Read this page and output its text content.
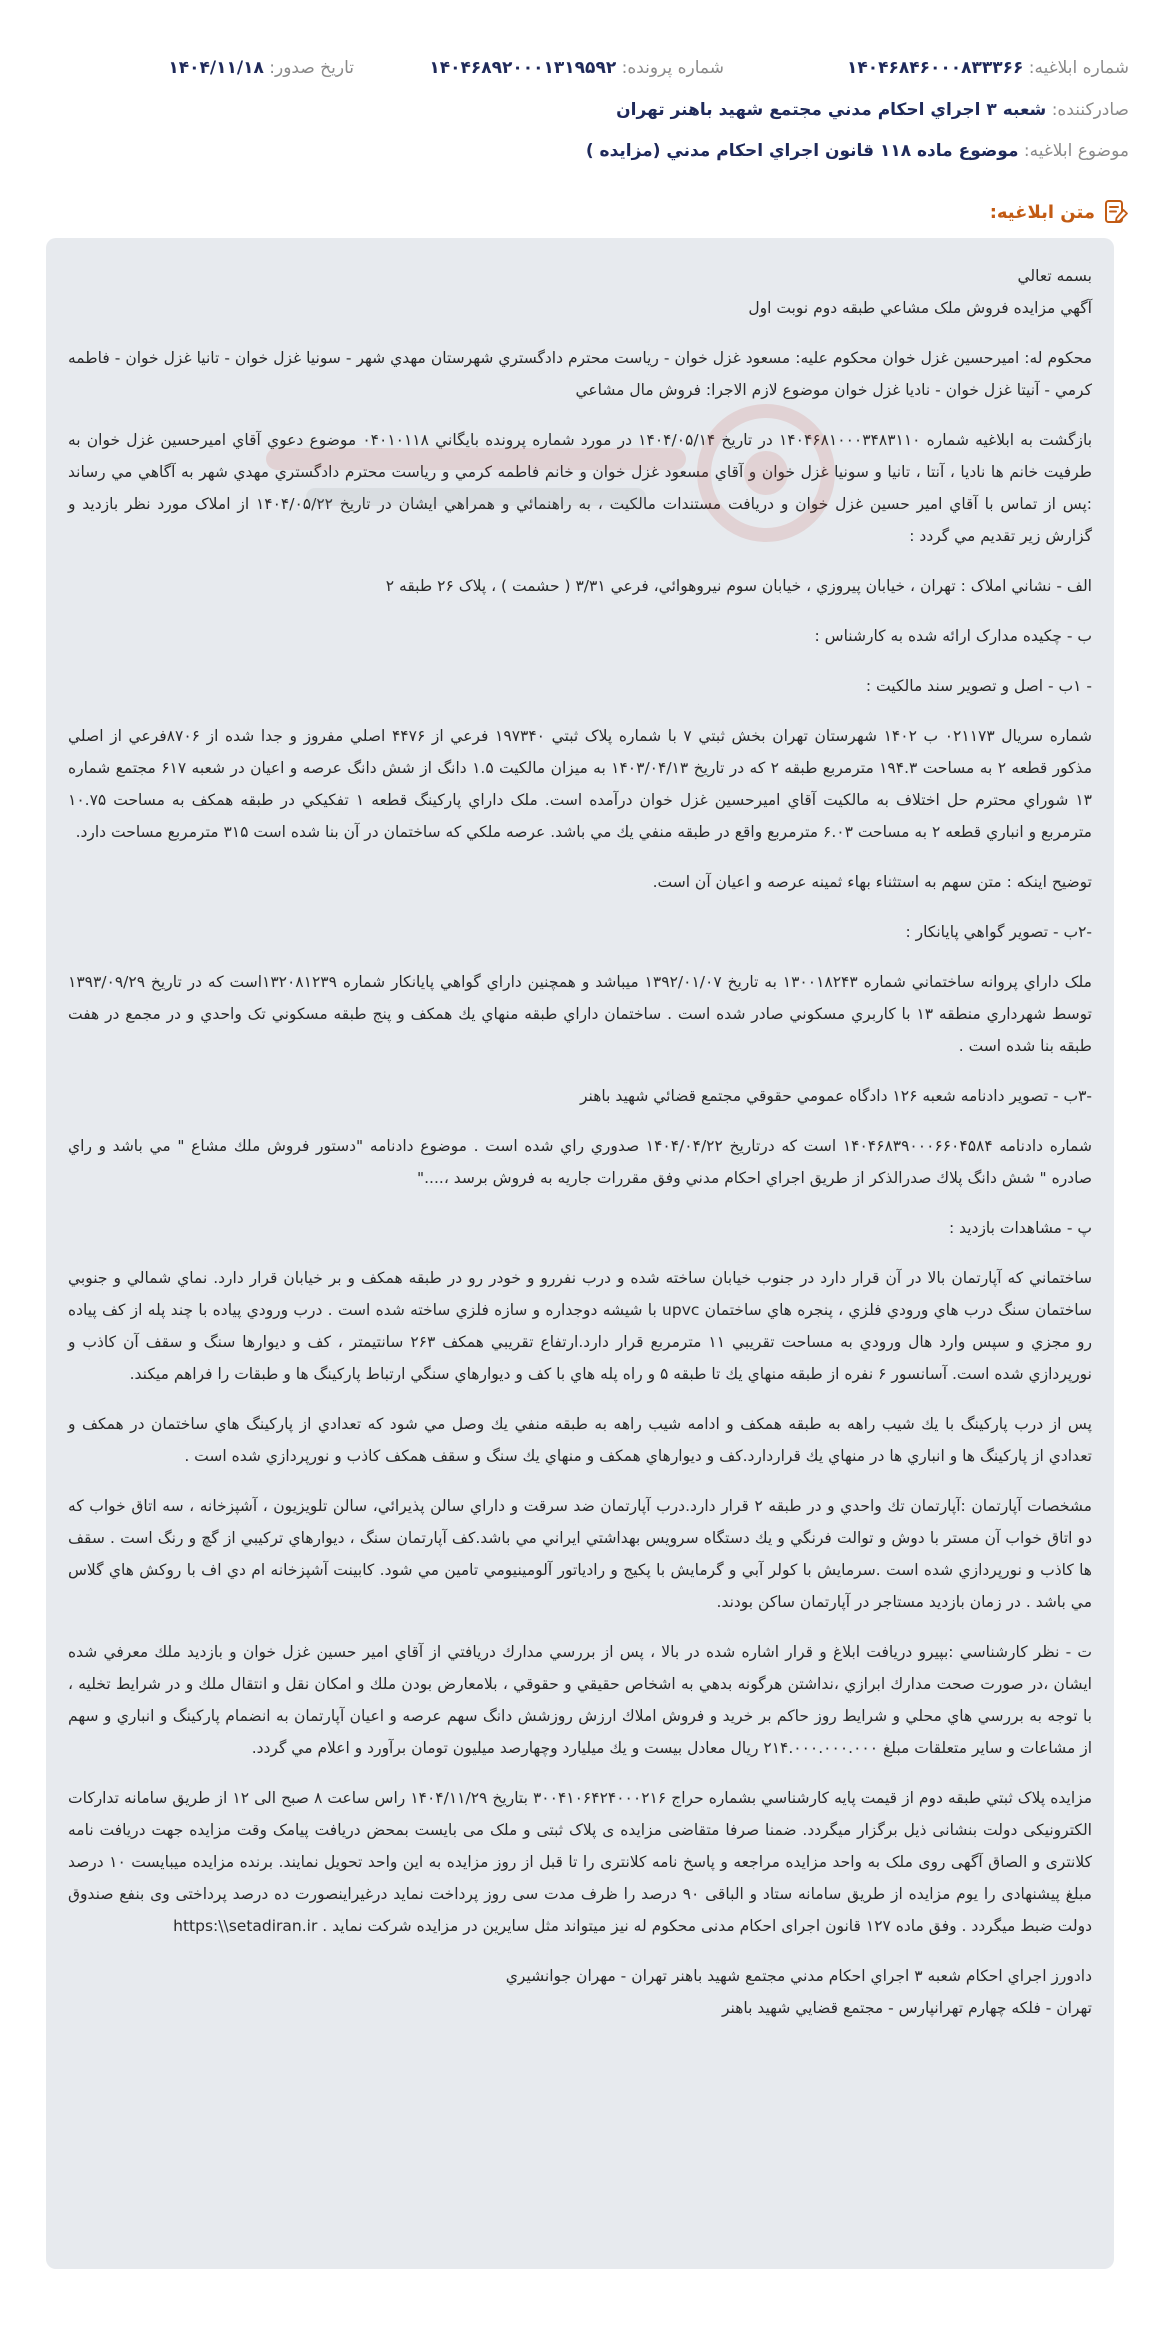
شماره ابلاغيه: ۱۴۰۴۶۸۴۶۰۰۰۸۳۳۳۶۶
شماره پرونده: ۱۴۰۴۶۸۹۲۰۰۰۱۳۱۹۵۹۲
تاريخ صدور: ۱۴۰۴/۱۱/۱۸
صادرکننده: شعبه ۳ اجراي احکام مدني مجتمع شهيد باهنر تهران
موضوع ابلاغيه: موضوع ماده ۱۱۸ قانون اجراي احکام مدني (مزايده )
متن ابلاغيه:

بسمه تعالي

آگهي مزايده فروش ملک مشاعي طبقه دوم نوبت اول

محکوم له: اميرحسين غزل خوان محکوم عليه: مسعود غزل خوان - رياست محترم دادگستري شهرستان مهدي شهر - سونيا غزل خوان - تانيا غزل خوان - فاطمه کرمي - آنيتا غزل خوان - ناديا غزل خوان موضوع لازم الاجرا: فروش مال مشاعي

بازگشت به ابلاغيه شماره ۱۴۰۴۶۸۱۰۰۰۳۴۸۳۱۱۰ در تاريخ ۱۴۰۴/۰۵/۱۴ در مورد شماره پرونده بايگاني ۰۴۰۱۰۱۱۸ موضوع دعوي آقاي اميرحسين غزل خوان به طرفيت خانم ها ناديا ، آنتا ، تانيا و سونيا غزل خوان و آقاي مسعود غزل خوان و خانم فاطمه کرمي و رياست محترم دادگستري مهدي شهر به آگاهي مي رساند :پس از تماس با آقاي امير حسين غزل خوان و دريافت مستندات مالکيت ، به راهنمائي و همراهي ايشان در تاريخ ۱۴۰۴/۰۵/۲۲ از املاک مورد نظر بازديد و گزارش زير تقديم مي گردد :

الف - نشاني املاک : تهران ، خيابان پيروزي ، خيابان سوم نيروهوائي، فرعي ۳/۳۱ ( حشمت ) ، پلاک ۲۶ طبقه ۲

ب - چکيده مدارک ارائه شده به کارشناس :

- ۱ب - اصل و تصوير سند مالکيت :

شماره سريال ۰۲۱۱۷۳ ب ۱۴۰۲ شهرستان تهران بخش ثبتي ۷ با شماره پلاک ثبتي ۱۹۷۳۴۰ فرعي از ۴۴۷۶ اصلي مفروز و جدا شده از ۸۷۰۶فرعي از اصلي مذکور قطعه ۲ به مساحت ۱۹۴.۳ مترمربع طبقه ۲ که در تاريخ ۱۴۰۳/۰۴/۱۳ به ميزان مالکيت ۱.۵ دانگ از شش دانگ عرصه و اعيان در شعبه ۶۱۷ مجتمع شماره ۱۳ شوراي محترم حل اختلاف به مالکيت آقاي اميرحسين غزل خوان درآمده است. ملک داراي پارکينگ قطعه ۱ تفکيکي در طبقه همکف به مساحت ۱۰.۷۵ مترمربع و انباري قطعه ۲ به مساحت ۶.۰۳ مترمربع واقع در طبقه منفي يك مي باشد. عرصه ملکي که ساختمان در آن بنا شده است ۳۱۵ مترمربع مساحت دارد.

توضيح اينکه : متن سهم به استثناء بهاء ثمينه عرصه و اعيان آن است.

-۲ب - تصوير گواهي پايانکار :

ملک داراي پروانه ساختماني شماره ۱۳۰۰۱۸۲۴۳ به تاريخ ۱۳۹۲/۰۱/۰۷ ميباشد و همچنين داراي گواهي پايانکار شماره ۱۳۲۰۸۱۲۳۹است که در تاريخ ۱۳۹۳/۰۹/۲۹ توسط شهرداري منطقه ۱۳ با کاربري مسکوني صادر شده است . ساختمان داراي طبقه منهاي يك همکف و پنج طبقه مسکوني تک واحدي و در مجمع در هفت طبقه بنا شده است .

-۳ب - تصوير دادنامه شعبه ۱۲۶ دادگاه عمومي حقوقي مجتمع قضائي شهيد باهنر

شماره دادنامه ۱۴۰۴۶۸۳۹۰۰۰۶۶۰۴۵۸۴ است که درتاريخ ۱۴۰۴/۰۴/۲۲ صدوري راي شده است . موضوع دادنامه "دستور فروش ملك مشاع " مي باشد و راي صادره " شش دانگ پلاك صدرالذکر از طريق اجراي احکام مدني وفق مقررات جاريه به فروش برسد ،...."

پ - مشاهدات بازديد :

ساختماني که آپارتمان بالا در آن قرار دارد در جنوب خيابان ساخته شده و درب نفررو و خودر رو در طبقه همکف و بر خيابان قرار دارد. نماي شمالي و جنوبي ساختمان سنگ درب هاي ورودي فلزي ، پنجره هاي ساختمان upvc با شيشه دوجداره و سازه فلزي ساخته شده است . درب ورودي پياده با چند پله از کف پياده رو مجزي و سپس وارد هال ورودي به مساحت تقريبي ۱۱ مترمربع قرار دارد.ارتفاع تقريبي همکف ۲۶۳ سانتيمتر ، کف و ديوارها سنگ و سقف آن کاذب و نورپردازي شده است. آسانسور ۶ نفره از طبقه منهاي يك تا طبقه ۵ و راه پله هاي با کف و ديوارهاي سنگي ارتباط پارکينگ ها و طبقات را فراهم ميکند.

پس از درب پارکينگ با يك شيب راهه به طبقه همکف و ادامه شيب راهه به طبقه منفي يك وصل مي شود که تعدادي از پارکينگ هاي ساختمان در همکف و تعدادي از پارکينگ ها و انباري ها در منهاي يك قراردارد.کف و ديوارهاي همکف و منهاي يك سنگ و سقف همکف کاذب و نورپردازي شده است .

مشخصات آپارتمان :آپارتمان تك واحدي و در طبقه ۲ قرار دارد.درب آپارتمان ضد سرقت و داراي سالن پذيرائي، سالن تلويزيون ، آشپزخانه ، سه اتاق خواب که دو اتاق خواب آن مستر با دوش و توالت فرنگي و يك دستگاه سرويس بهداشتي ايراني مي باشد.کف آپارتمان سنگ ، ديوارهاي ترکيبي از گچ و رنگ است . سقف ها کاذب و نورپردازي شده است .سرمايش با کولر آبي و گرمايش با پکيج و رادياتور آلومينيومي تامين مي شود. کابينت آشپزخانه ام دي اف با روکش هاي گلاس مي باشد . در زمان بازديد مستاجر در آپارتمان ساکن بودند.

ت - نظر کارشناسي :بپيرو دريافت ابلاغ و قرار اشاره شده در بالا ، پس از بررسي مدارك دريافتي از آقاي امير حسين غزل خوان و بازديد ملك معرفي شده ايشان ،در صورت صحت مدارك ابرازي ،نداشتن هرگونه بدهي به اشخاص حقيقي و حقوقي ، بلامعارض بودن ملك و امکان نقل و انتقال ملك و در شرايط تخليه ، با توجه به بررسي هاي محلي و شرايط روز حاکم بر خريد و فروش املاك ارزش روزشش دانگ سهم عرصه و اعيان آپارتمان به انضمام پارکينگ و انباري و سهم از مشاعات و ساير متعلقات مبلغ ۲۱۴.۰۰۰.۰۰۰.۰۰۰ ريال معادل بيست و يك ميليارد وچهارصد ميليون تومان برآورد و اعلام مي گردد.

مزايده پلاک ثبتي طبقه دوم از قيمت پايه کارشناسي بشماره حراج ۳۰۰۴۱۰۶۴۲۴۰۰۰۲۱۶ بتاريخ ۱۴۰۴/۱۱/۲۹ راس ساعت ۸ صبح الی ۱۲ از طريق سامانه تدارکات الکترونيکی دولت بنشانی ذيل برگزار ميگردد. ضمنا صرفا متقاضی مزايده ی پلاک ثبتی و ملک می بايست بمحض دريافت پيامک وقت مزايده جهت دريافت نامه کلانتری و الصاق آگهی روی ملک به واحد مزايده مراجعه و پاسخ نامه کلانتری را تا قبل از روز مزايده به اين واحد تحويل نمايند. برنده مزايده ميبايست ۱۰ درصد مبلغ پيشنهادی را يوم مزايده از طريق سامانه ستاد و الباقی ۹۰ درصد را ظرف مدت سی روز پرداخت نمايد درغيراينصورت ده درصد پرداختی وی بنفع صندوق دولت ضبط ميگردد . وفق ماده ۱۲۷ قانون اجرای احکام مدنی محکوم له نيز ميتواند مثل سايرين در مزايده شرکت نمايد . https:\\setadiran.ir

دادورز اجراي احكام شعبه ۳ اجراي احکام مدني مجتمع شهيد باهنر تهران - مهران جوانشيري

تهران - فلکه چهارم تهرانپارس - مجتمع قضايي شهيد باهنر
